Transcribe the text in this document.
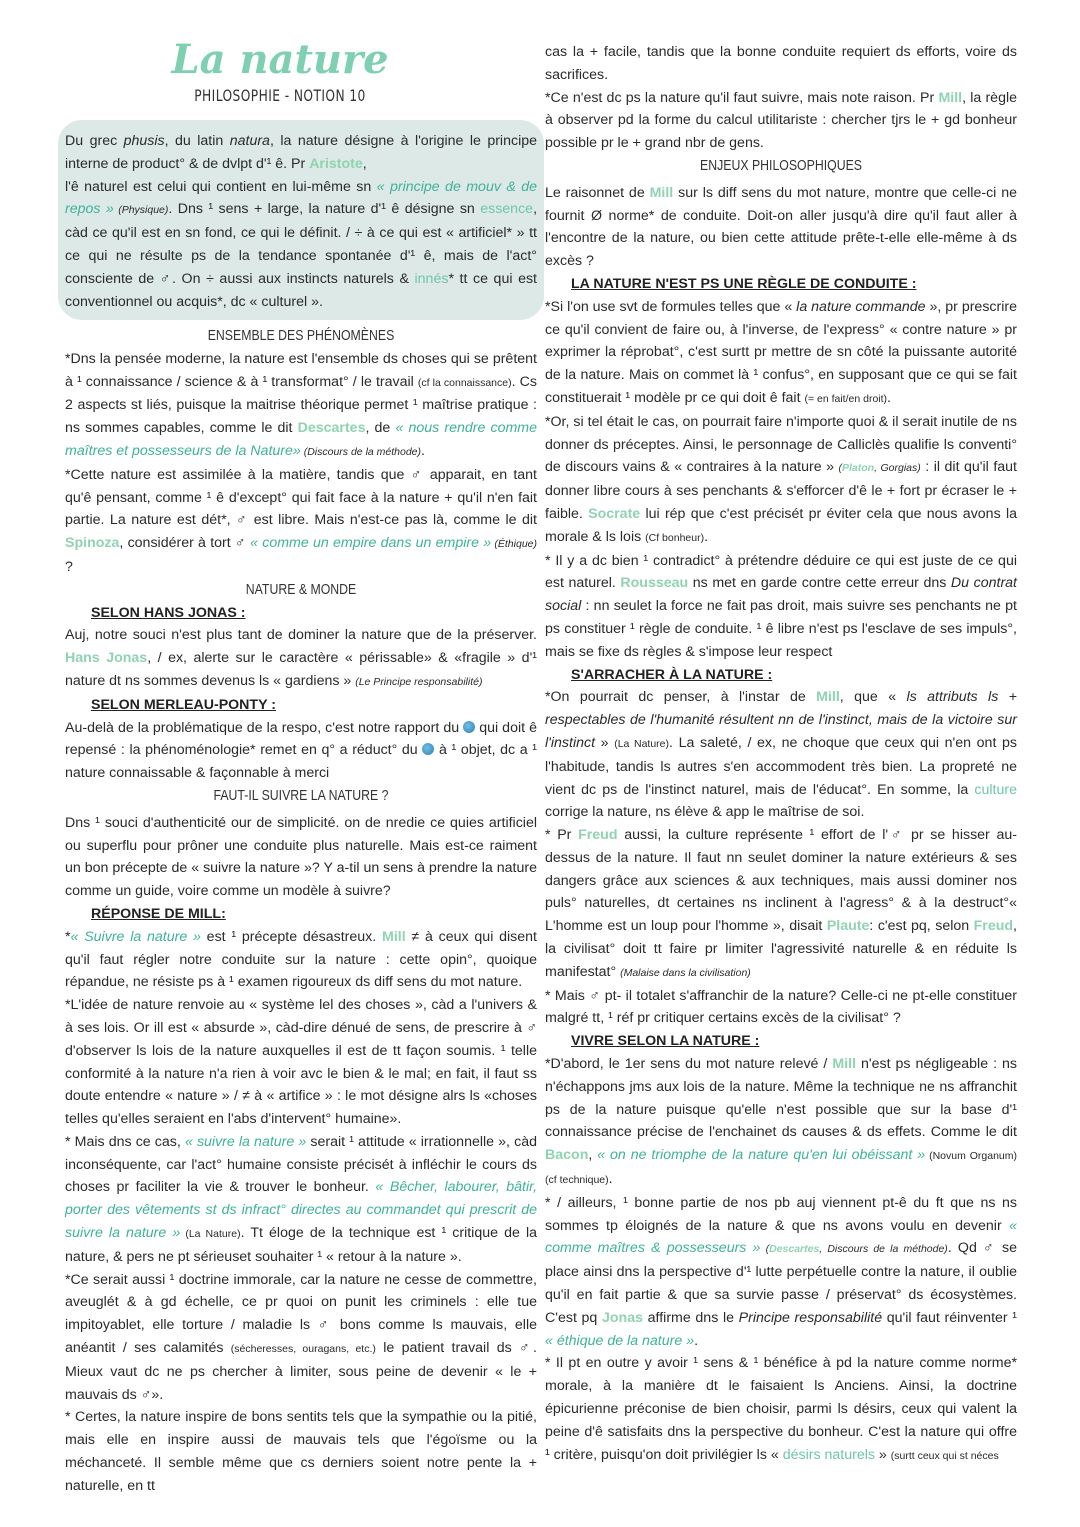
La nature
PHILOSOPHIE - NOTION 10

Du grec phusis, du latin natura, la nature désigne à l'origine le principe interne de product° & de dvlpt d'¹ ê. Pr Aristote,

l'ê naturel est celui qui contient en lui-même sn « principe de mouv & de repos » (Physique). Dns ¹ sens + large, la nature d'¹ ê désigne sn essence, càd ce qu'il est en sn fond, ce qui le définit. / ÷ à ce qui est « artificiel* » tt ce qui ne résulte ps de la tendance spontanée d'¹ ê, mais de l'act° consciente de ♂. On ÷ aussi aux instincts naturels & innés* tt ce qui est conventionnel ou acquis*, dc « culturel ».

ENSEMBLE DES PHÉNOMÈNES

*Dns la pensée moderne, la nature est l'ensemble ds choses qui se prêtent à ¹ connaissance / science & à ¹ transformat° / le travail (cf la connaissance). Cs 2 aspects st liés, puisque la maitrise théorique permet ¹ maîtrise pratique : ns sommes capables, comme le dit Descartes, de « nous rendre comme maîtres et possesseurs de la Nature» (Discours de la méthode).

*Cette nature est assimilée à la matière, tandis que ♂ apparait, en tant qu'ê pensant, comme ¹ ê d'except° qui fait face à la nature + qu'il n'en fait partie. La nature est dét*, ♂ est libre. Mais n'est-ce pas là, comme le dit Spinoza, considérer à tort ♂ « comme un empire dans un empire » (Éthique) ?

NATURE & MONDE
SELON HANS JONAS :

Auj, notre souci n'est plus tant de dominer la nature que de la préserver. Hans Jonas, / ex, alerte sur le caractère « périssable» & «fragile » d'¹ nature dt ns sommes devenus ls « gardiens » (Le Principe responsabilité)

SELON MERLEAU-PONTY :

Au-delà de la problématique de la respo, c'est notre rapport du  qui doit ê repensé : la phénoménologie* remet en q° a réduct° du  à ¹ objet, dc a ¹ nature connaissable & façonnable à merci

FAUT-IL SUIVRE LA NATURE ?

Dns ¹ souci d'authenticité our de simplicité. on de nredie ce quies artificiel ou superflu pour prôner une conduite plus naturelle. Mais est-ce raiment un bon précepte de « suivre la nature »? Y a-til un sens à prendre la nature comme un guide, voire comme un modèle à suivre?

RÉPONSE DE MILL:

*« Suivre la nature » est ¹ précepte désastreux. Mill ≠ à ceux qui disent qu'il faut régler notre conduite sur la nature : cette opin°, quoique répandue, ne résiste ps à ¹ examen rigoureux ds diff sens du mot nature.

*L'idée de nature renvoie au « système lel des choses », càd a l'univers & à ses lois. Or ill est « absurde », càd-dire dénué de sens, de prescrire à ♂ d'observer ls lois de la nature auxquelles il est de tt façon soumis. ¹ telle conformité à la nature n'a rien à voir avc le bien & le mal; en fait, il faut ss doute entendre « nature » / ≠ à « artifice » : le mot désigne alrs ls «choses telles qu'elles seraient en l'abs d'intervent° humaine».

* Mais dns ce cas, « suivre la nature » serait ¹ attitude « irrationnelle », càd inconséquente, car l'act° humaine consiste précisét à infléchir le cours ds choses pr faciliter la vie & trouver le bonheur. « Bêcher, labourer, bâtir, porter des vêtements st ds infract° directes au commandet qui prescrit de suivre la nature » (La Nature). Tt éloge de la technique est ¹ critique de la nature, & pers ne pt sérieuset souhaiter ¹ « retour à la nature ».

*Ce serait aussi ¹ doctrine immorale, car la nature ne cesse de commettre, aveuglét & à gd échelle, ce pr quoi on punit les criminels : elle tue impitoyablet, elle torture / maladie ls ♂ bons comme ls mauvais, elle anéantit / ses calamités (sécheresses, ouragans, etc.) le patient travail ds ♂. Mieux vaut dc ne ps chercher à limiter, sous peine de devenir « le + mauvais ds ♂».

* Certes, la nature inspire de bons sentits tels que la sympathie ou la pitié, mais elle en inspire aussi de mauvais tels que l'égoïsme ou la méchanceté. Il semble même que cs derniers soient notre pente la + naturelle, en tt

cas la + facile, tandis que la bonne conduite requiert ds efforts, voire ds sacrifices.

*Ce n'est dc ps la nature qu'il faut suivre, mais note raison. Pr Mill, la règle à observer pd la forme du calcul utilitariste : chercher tjrs le + gd bonheur possible pr le + grand nbr de gens.

ENJEUX PHILOSOPHIQUES

Le raisonnet de Mill sur ls diff sens du mot nature, montre que celle-ci ne fournit Ø norme* de conduite. Doit-on aller jusqu'à dire qu'il faut aller à l'encontre de la nature, ou bien cette attitude prête-t-elle elle-même à ds excès ?

LA NATURE N'EST PS UNE RÈGLE DE CONDUITE :

*Si l'on use svt de formules telles que « la nature commande », pr prescrire ce qu'il convient de faire ou, à l'inverse, de l'express° « contre nature » pr exprimer la réprobat°, c'est surtt pr mettre de sn côté la puissante autorité de la nature. Mais on commet là ¹ confus°, en supposant que ce qui se fait constituerait ¹ modèle pr ce qui doit ê fait (= en fait/en droit).

*Or, si tel était le cas, on pourrait faire n'importe quoi & il serait inutile de ns donner ds préceptes. Ainsi, le personnage de Calliclès qualifie ls conventi° de discours vains & « contraires à la nature » (Platon, Gorgias) : il dit qu'il faut donner libre cours à ses penchants & s'efforcer d'ê le + fort pr écraser le + faible. Socrate lui rép que c'est précisét pr éviter cela que nous avons la morale & ls lois (Cf bonheur).

* Il y a dc bien ¹ contradict° à prétendre déduire ce qui est juste de ce qui est naturel. Rousseau ns met en garde contre cette erreur dns Du contrat social : nn seulet la force ne fait pas droit, mais suivre ses penchants ne pt ps constituer ¹ règle de conduite. ¹ ê libre n'est ps l'esclave de ses impuls°, mais se fixe ds règles & s'impose leur respect

S'ARRACHER À LA NATURE :

*On pourrait dc penser, à l'instar de Mill, que « ls attributs ls + respectables de l'humanité résultent nn de l'instinct, mais de la victoire sur l'instinct » (La Nature). La saleté, / ex, ne choque que ceux qui n'en ont ps l'habitude, tandis ls autres s'en accommodent très bien. La propreté ne vient dc ps de l'instinct naturel, mais de l'éducat°. En somme, la culture corrige la nature, ns élève & app le maîtrise de soi.

* Pr Freud aussi, la culture représente ¹ effort de l'♂ pr se hisser au-dessus de la nature. Il faut nn seulet dominer la nature extérieurs & ses dangers grâce aux sciences & aux techniques, mais aussi dominer nos puls° naturelles, dt certaines ns inclinent à l'agress° & à la destruct°« L'homme est un loup pour l'homme », disait Plaute: c'est pq, selon Freud, la civilisat° doit tt faire pr limiter l'agressivité naturelle & en réduite ls manifestat° (Malaise dans la civilisation)

* Mais ♂ pt- il totalet s'affranchir de la nature? Celle-ci ne pt-elle constituer malgré tt, ¹ réf pr critiquer certains excès de la civilisat° ?

VIVRE SELON LA NATURE :

*D'abord, le 1er sens du mot nature relevé / Mill n'est ps négligeable : ns n'échappons jms aux lois de la nature. Même la technique ne ns affranchit ps de la nature puisque qu'elle n'est possible que sur la base d'¹ connaissance précise de l'enchainet ds causes & ds effets. Comme le dit Bacon, « on ne triomphe de la nature qu'en lui obéissant » (Novum Organum) (cf technique).

* / ailleurs, ¹ bonne partie de nos pb auj viennent pt-ê du ft que ns ns sommes tp éloignés de la nature & que ns avons voulu en devenir « comme maîtres & possesseurs » (Descartes, Discours de la méthode). Qd ♂ se place ainsi dns la perspective d'¹ lutte perpétuelle contre la nature, il oublie qu'il en fait partie & que sa survie passe / préservat° ds écosystèmes. C'est pq Jonas affirme dns le Principe responsabilité qu'il faut réinventer ¹ « éthique de la nature ».

* Il pt en outre y avoir ¹ sens & ¹ bénéfice à pd la nature comme norme* morale, à la manière dt le faisaient ls Anciens. Ainsi, la doctrine épicurienne préconise de bien choisir, parmi ls désirs, ceux qui valent la peine d'ê satisfaits dns la perspective du bonheur. C'est la nature qui offre ¹ critère, puisqu'on doit privilégier ls « désirs naturels » (surtt ceux qui st néces
